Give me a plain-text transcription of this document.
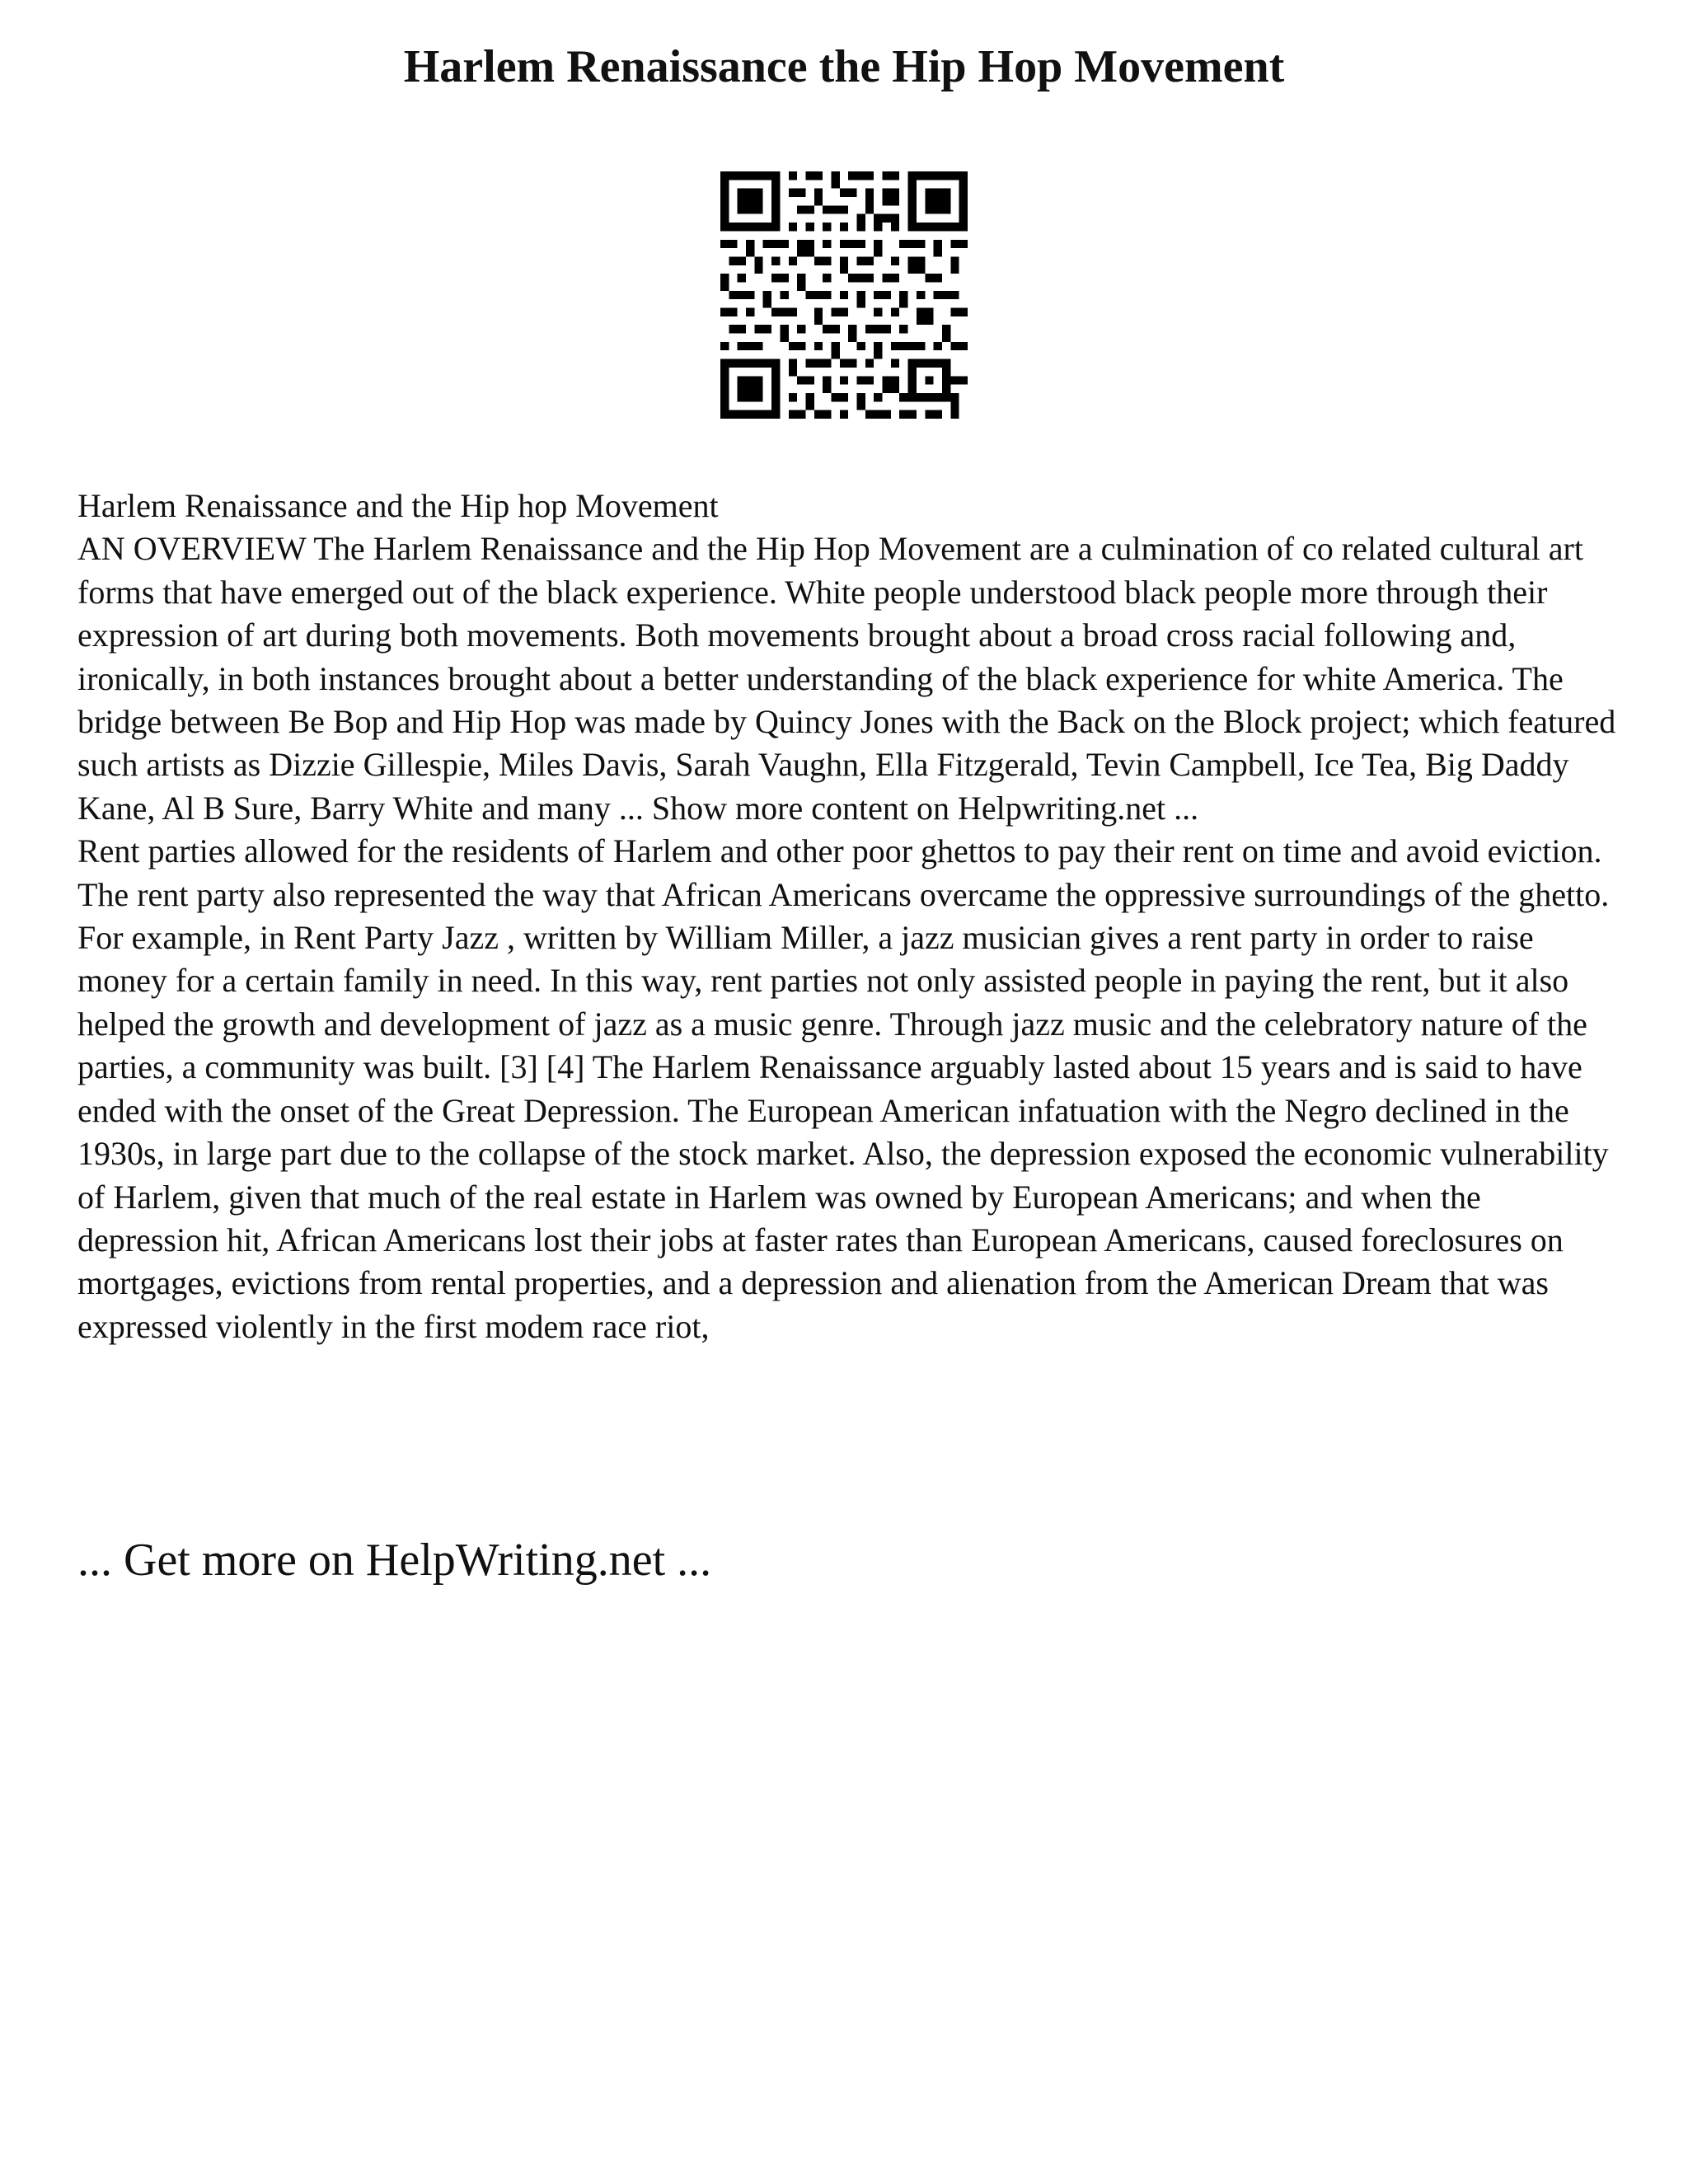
Harlem Renaissance the Hip Hop Movement

Harlem Renaissance and the Hip hop Movement

AN OVERVIEW The Harlem Renaissance and the Hip Hop Movement are a culmination of co related cultural art forms that have emerged out of the black experience. White people understood black people more through their expression of art during both movements. Both movements brought about a broad cross racial following and, ironically, in both instances brought about a better understanding of the black experience for white America. The bridge between Be Bop and Hip Hop was made by Quincy Jones with the Back on the Block project; which featured such artists as Dizzie Gillespie, Miles Davis, Sarah Vaughn, Ella Fitzgerald, Tevin Campbell, Ice Tea, Big Daddy Kane, Al B Sure, Barry White and many ... Show more content on Helpwriting.net ...

Rent parties allowed for the residents of Harlem and other poor ghettos to pay their rent on time and avoid eviction. The rent party also represented the way that African Americans overcame the oppressive surroundings of the ghetto. For example, in Rent Party Jazz , written by William Miller, a jazz musician gives a rent party in order to raise money for a certain family in need. In this way, rent parties not only assisted people in paying the rent, but it also helped the growth and development of jazz as a music genre. Through jazz music and the celebratory nature of the parties, a community was built. [3] [4] The Harlem Renaissance arguably lasted about 15 years and is said to have ended with the onset of the Great Depression. The European American infatuation with the Negro declined in the 1930s, in large part due to the collapse of the stock market. Also, the depression exposed the economic vulnerability of Harlem, given that much of the real estate in Harlem was owned by European Americans; and when the depression hit, African Americans lost their jobs at faster rates than European Americans, caused foreclosures on mortgages, evictions from rental properties, and a depression and alienation from the American Dream that was expressed violently in the first modem race riot,

... Get more on HelpWriting.net ...
